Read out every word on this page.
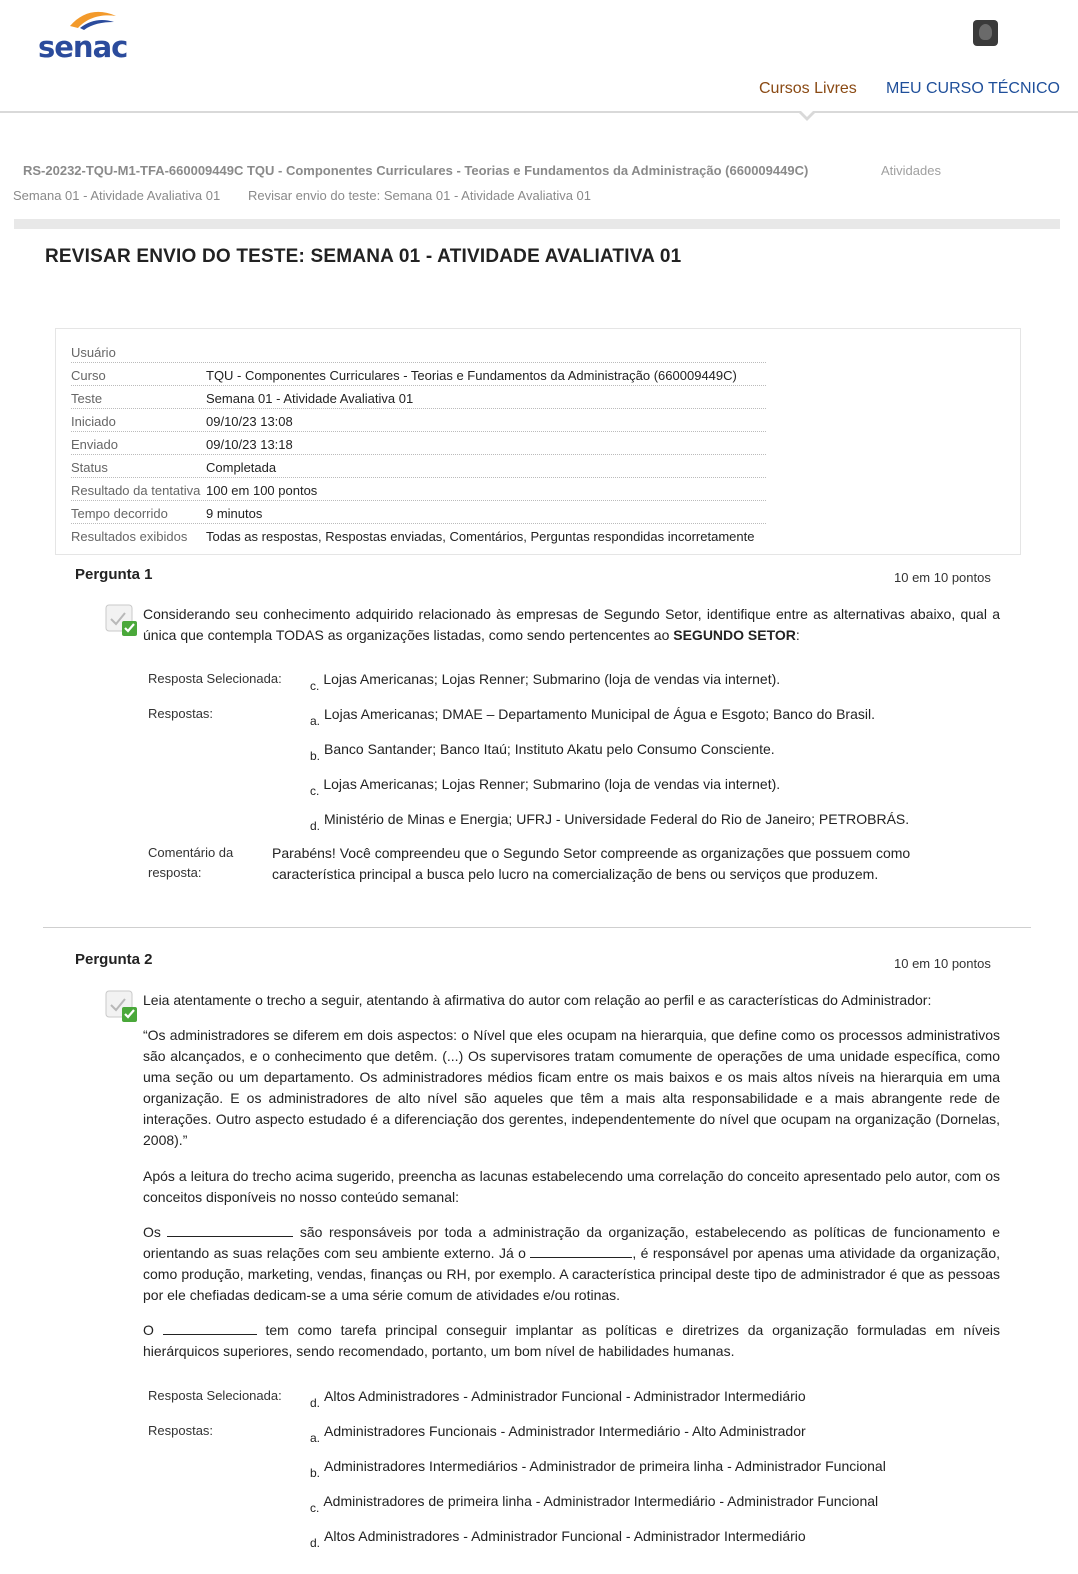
senac
Cursos Livres MEU CURSO TÉCNICO
RS-20232-TQU-M1-TFA-660009449C TQU - Componentes Curriculares - Teorias e Fundamentos da Administração (660009449C)	Atividades
Semana 01 - Atividade Avaliativa 01 Revisar envio do teste: Semana 01 - Atividade Avaliativa 01
REVISAR ENVIO DO TESTE: SEMANA 01 - ATIVIDADE AVALIATIVA 01
Usuário
Curso	TQU - Componentes Curriculares - Teorias e Fundamentos da Administração (660009449C)
Teste	Semana 01 - Atividade Avaliativa 01
Iniciado	09/10/23 13:08
Enviado	09/10/23 13:18
Status	Completada
Resultado da tentativa 100 em 100 pontos
Tempo decorrido	9 minutos
Resultados exibidos Todas as respostas, Respostas enviadas, Comentários, Perguntas respondidas incorretamente
Pergunta 1	10 em 10 pontos
Considerando seu conhecimento adquirido relacionado às empresas de Segundo Setor, identifique entre as alternativas abaixo, qual a única que contempla TODAS as organizações listadas, como sendo pertencentes ao SEGUNDO SETOR:
Resposta Selecionada: c. Lojas Americanas; Lojas Renner; Submarino (loja de vendas via internet).
Respostas:	a. Lojas Americanas; DMAE – Departamento Municipal de Água e Esgoto; Banco do Brasil.
b. Banco Santander; Banco Itaú; Instituto Akatu pelo Consumo Consciente.
c. Lojas Americanas; Lojas Renner; Submarino (loja de vendas via internet).
d. Ministério de Minas e Energia; UFRJ - Universidade Federal do Rio de Janeiro; PETROBRÁS.
Comentário da
resposta:
Parabéns! Você compreendeu que o Segundo Setor compreende as organizações que possuem como característica principal a busca pelo lucro na comercialização de bens ou serviços que produzem.
Pergunta 2	10 em 10 pontos
Leia atentamente o trecho a seguir, atentando à afirmativa do autor com relação ao perfil e as características do Administrador:
“Os administradores se diferem em dois aspectos: o Nível que eles ocupam na hierarquia, que define como os processos administrativos são alcançados, e o conhecimento que detêm. (...) Os supervisores tratam comumente de operações de uma unidade específica, como uma seção ou um departamento. Os administradores médios ficam entre os mais baixos e os mais altos níveis na hierarquia em uma organização. E os administradores de alto nível são aqueles que têm a mais alta responsabilidade e a mais abrangente rede de interações. Outro aspecto estudado é a diferenciação dos gerentes, independentemente do nível que ocupam na organização (Dornelas, 2008).”
Após a leitura do trecho acima sugerido, preencha as lacunas estabelecendo uma correlação do conceito apresentado pelo autor, com os conceitos disponíveis no nosso conteúdo semanal:
Os	são responsáveis por toda a administração da organização, estabelecendo as políticas de funcionamento e orientando as suas relações com seu ambiente externo. Já o	, é responsável por apenas uma atividade da organização, como produção, marketing, vendas, finanças ou RH, por exemplo. A característica principal deste tipo de administrador é que as pessoas por ele chefiadas dedicam-se a uma série comum de atividades e/ou rotinas.
O	tem como tarefa principal conseguir implantar as políticas e diretrizes da organização formuladas em níveis hierárquicos superiores, sendo recomendado, portanto, um bom nível de habilidades humanas.
Resposta Selecionada: d. Altos Administradores - Administrador Funcional - Administrador Intermediário
Respostas:	a. Administradores Funcionais - Administrador Intermediário - Alto Administrador
b. Administradores Intermediários - Administrador de primeira linha - Administrador Funcional
c. Administradores de primeira linha - Administrador Intermediário - Administrador Funcional
d. Altos Administradores - Administrador Funcional - Administrador Intermediário
